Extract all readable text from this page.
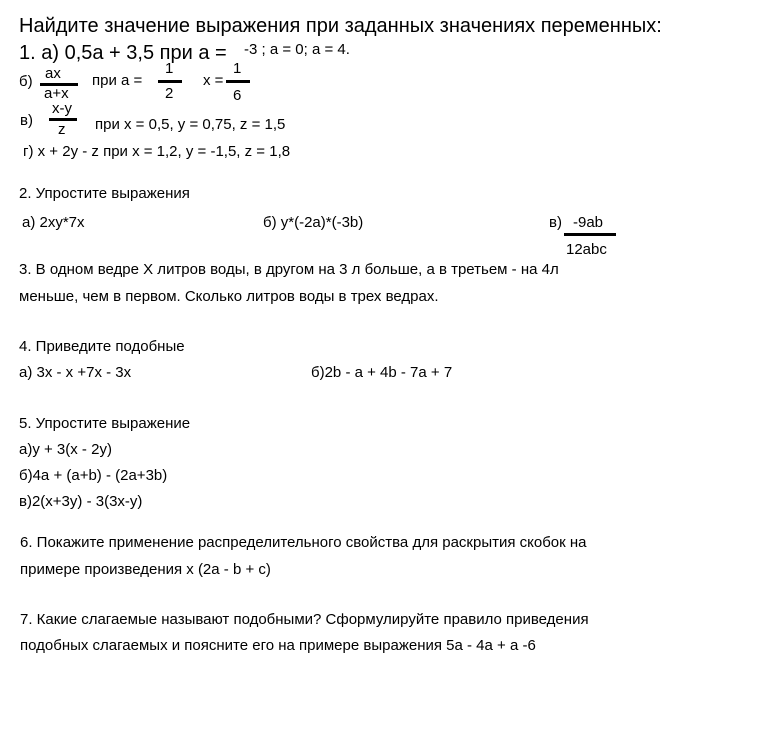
Найдите значение выражения при заданных значениях переменных:
1. а) 0,5а + 3,5 при а = -3 ; а = 0; а = 4.
б) ax
a+x
при а =
1
2
х =
1
6
в)
x-y
z при х = 0,5, у = 0,75, z = 1,5
г) х + 2у - z при х = 1,2, у = -1,5, z = 1,8
2. Упростите выражения
а) 2ху*7х	б) у*(-2а)*(-3b)	в) -9ab
12abc
3. В одном ведре Х литров воды, в другом на 3 л больше, а в третьем - на 4л
меньше, чем в первом. Сколько литров воды в трех ведрах.
4. Приведите подобные
а) 3х - х +7х - 3х	б)2b - a + 4b - 7a + 7
5. Упростите выражение
а)у + 3(х - 2у)
б)4а + (а+b) - (2a+3b)
в)2(х+3у) - 3(3х-у)
6. Покажите применение распределительного свойства для раскрытия скобок на
примере произведения х (2а - b + c)
7. Какие слагаемые называют подобными? Сформулируйте правило приведения
подобных слагаемых и поясните его на примере выражения 5а - 4а + а -6
